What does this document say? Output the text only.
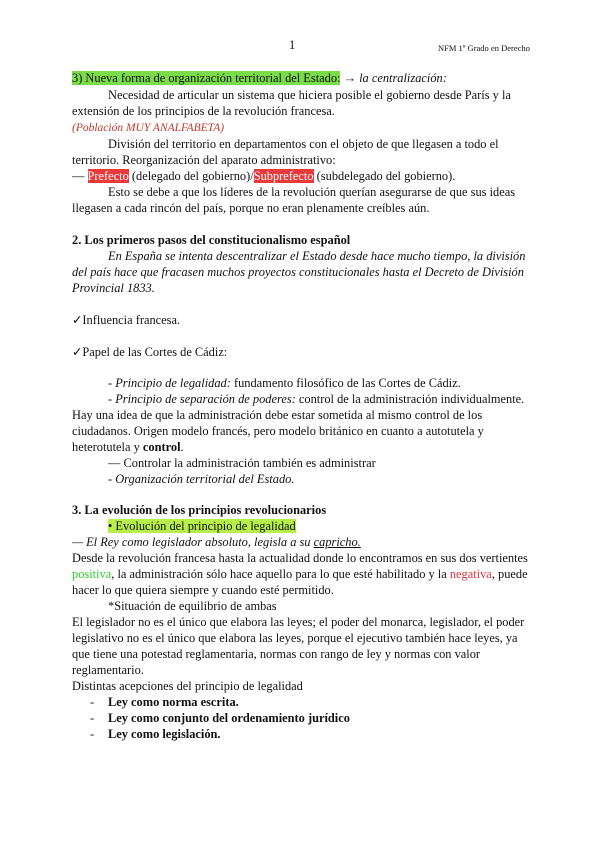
1	NFM 1º Grado en Derecho
3) Nueva forma de organización territorial del Estado: → la centralización:
Necesidad de articular un sistema que hiciera posible el gobierno desde París y la
extensión de los principios de la revolución francesa.
(Población MUY ANALFABETA)
División del territorio en departamentos con el objeto de que llegasen a todo el
territorio. Reorganización del aparato administrativo:
— Prefecto (delegado del gobierno)/Subprefecto (subdelegado del gobierno).
Esto se debe a que los líderes de la revolución querían asegurarse de que sus ideas
llegasen a cada rincón del país, porque no eran plenamente creíbles aún.
2. Los primeros pasos del constitucionalismo español
En España se intenta descentralizar el Estado desde hace mucho tiempo, la división
del país hace que fracasen muchos proyectos constitucionales hasta el Decreto de División
Provincial 1833.
✓Influencia francesa.
✓Papel de las Cortes de Cádiz:
- Principio de legalidad: fundamento filosófico de las Cortes de Cádiz.
- Principio de separación de poderes: control de la administración individualmente.
Hay una idea de que la administración debe estar sometida al mismo control de los
ciudadanos. Origen modelo francés, pero modelo británico en cuanto a autotutela y
heterotutela y control.
— Controlar la administración también es administrar
- Organización territorial del Estado.
3. La evolución de los principios revolucionarios
• Evolución del principio de legalidad
— El Rey como legislador absoluto, legisla a su capricho.
Desde la revolución francesa hasta la actualidad donde lo encontramos en sus dos vertientes
positiva, la administración sólo hace aquello para lo que esté habilitado y la negativa, puede
hacer lo que quiera siempre y cuando esté permitido.
*Situación de equilibrio de ambas
El legislador no es el único que elabora las leyes; el poder del monarca, legislador, el poder
legislativo no es el único que elabora las leyes, porque el ejecutivo también hace leyes, ya
que tiene una potestad reglamentaria, normas con rango de ley y normas con valor
reglamentario.
Distintas acepciones del principio de legalidad
- Ley como norma escrita.
- Ley como conjunto del ordenamiento jurídico
- Ley como legislación.
